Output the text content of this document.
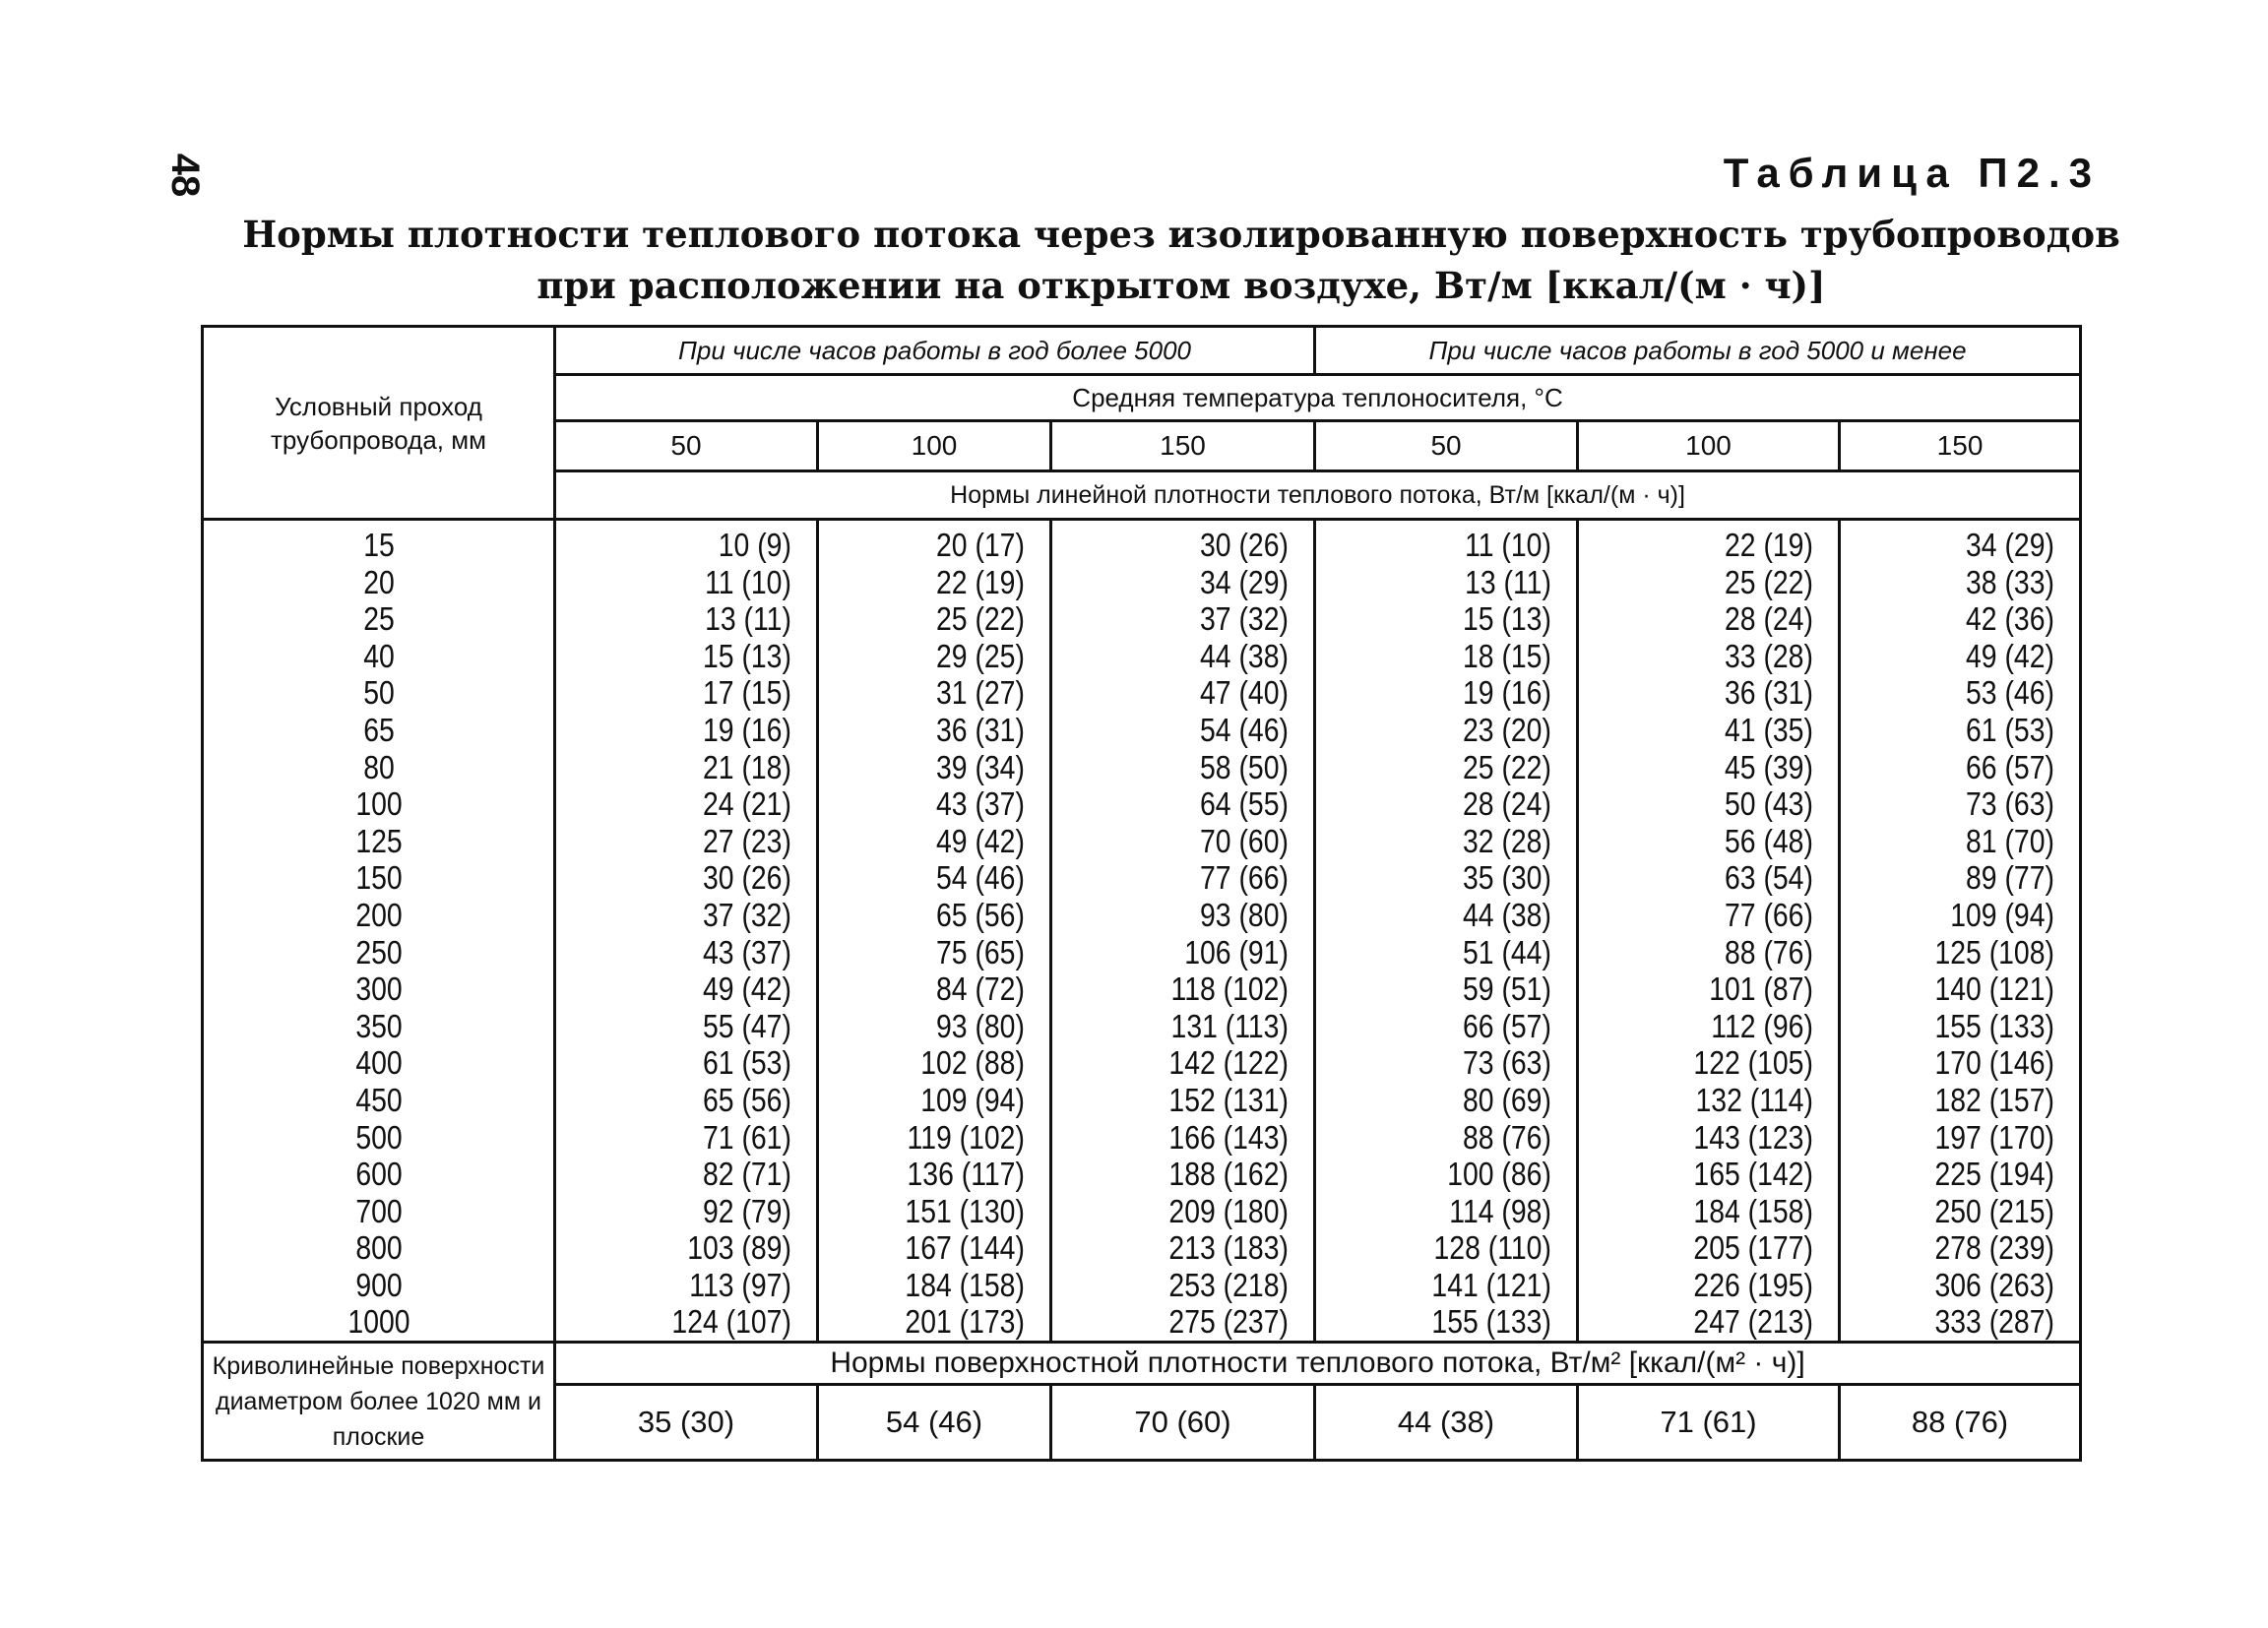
48	Таблица П2.3
Нормы плотности теплового потока через изолированную поверхность трубопроводов
при расположении на открытом воздухе, Вт/м [ккал/(м · ч)]
Условный проход трубопровода, мм	При числе часов работы в год более 5000			При числе часов работы в год 5000 и менее		
	Средняя температура теплоносителя, °С					
	50	100	150	50	100	150
	Нормы линейной плотности теплового потока, Вт/м [ккал/(м · ч)]					
15	10 (9)	20 (17)	30 (26)	11 (10)	22 (19)	34 (29)
20	11 (10)	22 (19)	34 (29)	13 (11)	25 (22)	38 (33)
25	13 (11)	25 (22)	37 (32)	15 (13)	28 (24)	42 (36)
40	15 (13)	29 (25)	44 (38)	18 (15)	33 (28)	49 (42)
50	17 (15)	31 (27)	47 (40)	19 (16)	36 (31)	53 (46)
65	19 (16)	36 (31)	54 (46)	23 (20)	41 (35)	61 (53)
80	21 (18)	39 (34)	58 (50)	25 (22)	45 (39)	66 (57)
100	24 (21)	43 (37)	64 (55)	28 (24)	50 (43)	73 (63)
125	27 (23)	49 (42)	70 (60)	32 (28)	56 (48)	81 (70)
150	30 (26)	54 (46)	77 (66)	35 (30)	63 (54)	89 (77)
200	37 (32)	65 (56)	93 (80)	44 (38)	77 (66)	109 (94)
250	43 (37)	75 (65)	106 (91)	51 (44)	88 (76)	125 (108)
300	49 (42)	84 (72)	118 (102)	59 (51)	101 (87)	140 (121)
350	55 (47)	93 (80)	131 (113)	66 (57)	112 (96)	155 (133)
400	61 (53)	102 (88)	142 (122)	73 (63)	122 (105)	170 (146)
450	65 (56)	109 (94)	152 (131)	80 (69)	132 (114)	182 (157)
500	71 (61)	119 (102)	166 (143)	88 (76)	143 (123)	197 (170)
600	82 (71)	136 (117)	188 (162)	100 (86)	165 (142)	225 (194)
700	92 (79)	151 (130)	209 (180)	114 (98)	184 (158)	250 (215)
800	103 (89)	167 (144)	213 (183)	128 (110)	205 (177)	278 (239)
900	113 (97)	184 (158)	253 (218)	141 (121)	226 (195)	306 (263)
1000	124 (107)	201 (173)	275 (237)	155 (133)	247 (213)	333 (287)
Криволинейные поверхности диаметром более 1020 мм и плоские	Нормы поверхностной плотности теплового потока, Вт/м² [ккал/(м² · ч)]					
	35 (30)	54 (46)	70 (60)	44 (38)	71 (61)	88 (76)
